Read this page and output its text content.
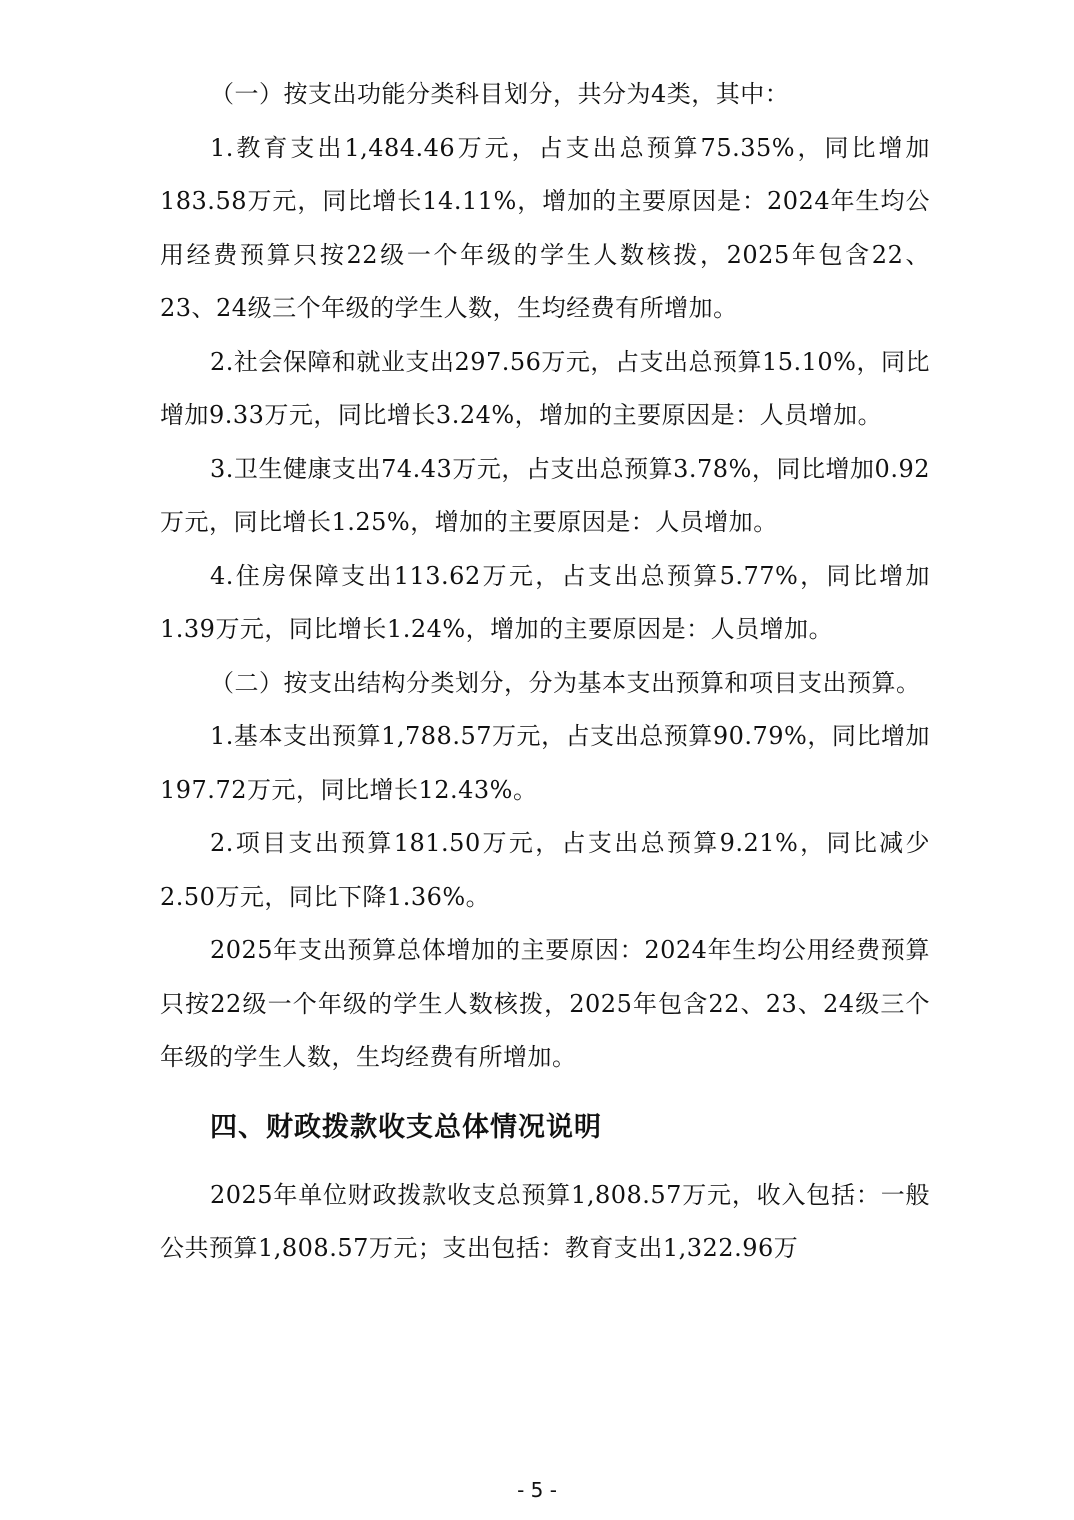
（一）按支出功能分类科目划分，共分为4类，其中：

1.教育支出1,484.46万元，占支出总预算75.35%，同比增加183.58万元，同比增长14.11%，增加的主要原因是：2024年生均公用经费预算只按22级一个年级的学生人数核拨，2025年包含22、23、24级三个年级的学生人数，生均经费有所增加。

2.社会保障和就业支出297.56万元，占支出总预算15.10%，同比增加9.33万元，同比增长3.24%，增加的主要原因是：人员增加。

3.卫生健康支出74.43万元，占支出总预算3.78%，同比增加0.92万元，同比增长1.25%，增加的主要原因是：人员增加。

4.住房保障支出113.62万元，占支出总预算5.77%，同比增加1.39万元，同比增长1.24%，增加的主要原因是：人员增加。

（二）按支出结构分类划分，分为基本支出预算和项目支出预算。

1.基本支出预算1,788.57万元，占支出总预算90.79%，同比增加197.72万元，同比增长12.43%。

2.项目支出预算181.50万元，占支出总预算9.21%，同比减少2.50万元，同比下降1.36%。

2025年支出预算总体增加的主要原因：2024年生均公用经费预算只按22级一个年级的学生人数核拨，2025年包含22、23、24级三个年级的学生人数，生均经费有所增加。

四、财政拨款收支总体情况说明

2025年单位财政拨款收支总预算1,808.57万元，收入包括：一般公共预算1,808.57万元；支出包括：教育支出1,322.96万

- 5 -
